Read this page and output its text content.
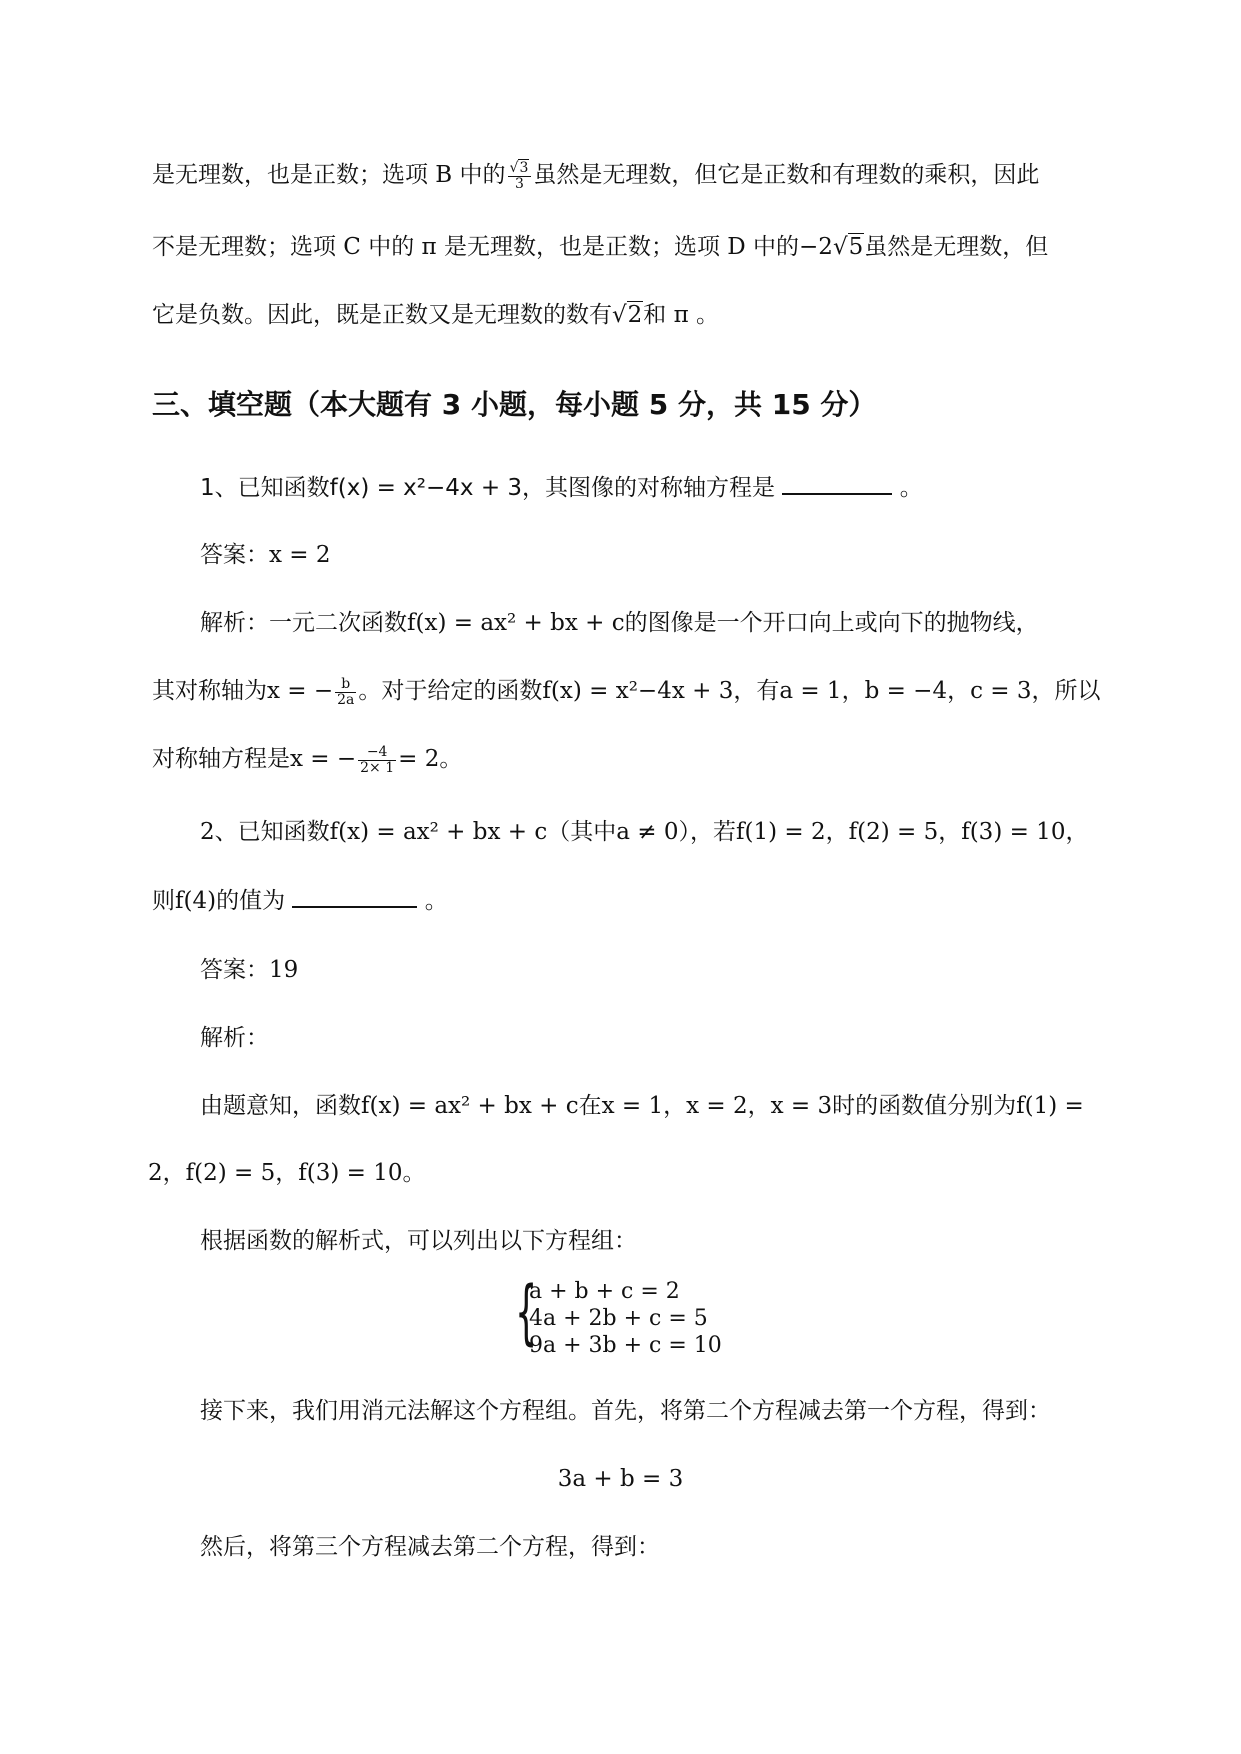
是无理数，也是正数；选项 B 中的 $\frac{√3}{3}$ 虽然是无理数，但它是正数和有理数的乘积，因此
不是无理数；选项 C 中的 π 是无理数，也是正数；选项 D 中的−2√5虽然是无理数，但
它是负数。因此，既是正数又是无理数的数有√2和 π 。
三、填空题（本大题有 3 小题，每小题 5 分，共 15 分）
1、已知函数f(x) = x²−4x + 3，其图像的对称轴方程是	。
答案：x = 2
解析：一元二次函数f(x) = ax² + bx + c的图像是一个开口向上或向下的抛物线，
其对称轴为x = − $\frac{b}{2a}$ 。对于给定的函数f(x) = x²−4x + 3，有a = 1，b = −4，c = 3，所以
对称轴方程是x = − $\frac{-4}{2\times 1} = 2$。
2、已知函数f(x) = ax² + bx + c（其中a ≠ 0），若f(1) = 2，f(2) = 5，f(3) = 10，
则f(4)的值为	。
答案：19
解析：
由题意知，函数f(x) = ax² + bx + c在x = 1，x = 2，x = 3时的函数值分别为f(1) =
2，f(2) = 5，f(3) = 10。
根据函数的解析式，可以列出以下方程组：
{
a + b + c = 2
4a + 2b + c = 5
9a + 3b + c = 10
接下来，我们用消元法解这个方程组。首先，将第二个方程减去第一个方程，得到：
3a + b = 3
然后，将第三个方程减去第二个方程，得到：
